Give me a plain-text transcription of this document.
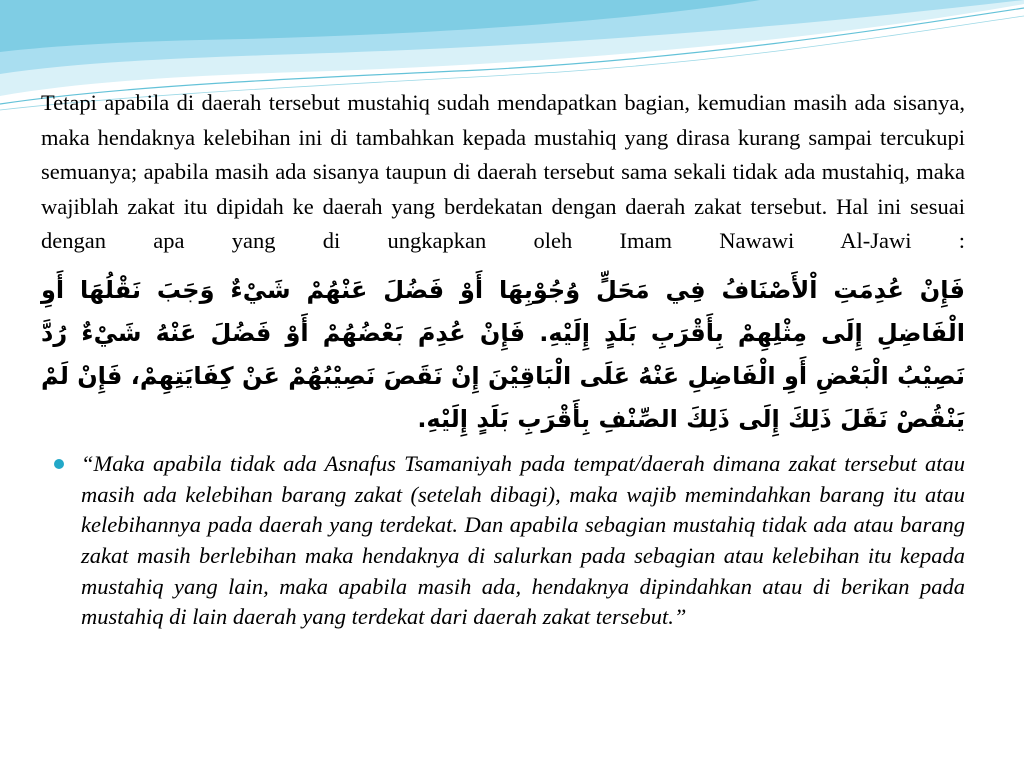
Tetapi apabila di daerah tersebut mustahiq sudah mendapatkan bagian, kemudian masih ada sisanya, maka hendaknya kelebihan ini di tambahkan kepada mustahiq yang dirasa kurang sampai tercukupi semuanya; apabila masih ada sisanya taupun di daerah tersebut sama sekali tidak ada mustahiq, maka wajiblah zakat itu dipidah ke daerah yang berdekatan dengan daerah zakat tersebut. Hal ini sesuai dengan apa yang di ungkapkan oleh Imam Nawawi Al-Jawi :

فَإِنْ عُدِمَتِ اْلأَصْنَافُ فِي مَحَلٍّ وُجُوْبِهَا أَوْ فَضُلَ عَنْهُمْ شَيْءٌ وَجَبَ نَقْلُهَا أَوِ الْفَاضِلِ إِلَى مِثْلِهِمْ بِأَقْرَبِ بَلَدٍ إِلَيْهِ. فَإِنْ عُدِمَ بَعْضُهُمْ أَوْ فَضُلَ عَنْهُ شَيْءٌ رُدَّ نَصِيْبُ الْبَعْضِ أَوِ الْفَاضِلِ عَنْهُ عَلَى الْبَاقِيْنَ إِنْ نَقَصَ نَصِيْبُهُمْ عَنْ كِفَايَتِهِمْ، فَإِنْ لَمْ يَنْقُصْ نَقَلَ ذَلِكَ إِلَى ذَلِكَ الصِّنْفِ بِأَقْرَبِ بَلَدٍ إِلَيْهِ.

“Maka apabila tidak ada Asnafus Tsamaniyah pada tempat/daerah dimana zakat tersebut atau masih ada kelebihan barang zakat (setelah dibagi), maka wajib memindahkan barang itu atau kelebihannya pada daerah yang terdekat. Dan apabila sebagian mustahiq tidak ada atau barang zakat masih berlebihan maka hendaknya di salurkan pada sebagian atau kelebihan itu kepada mustahiq yang lain, maka apabila masih ada, hendaknya dipindahkan atau di berikan pada mustahiq di lain daerah yang terdekat dari daerah zakat tersebut.”
